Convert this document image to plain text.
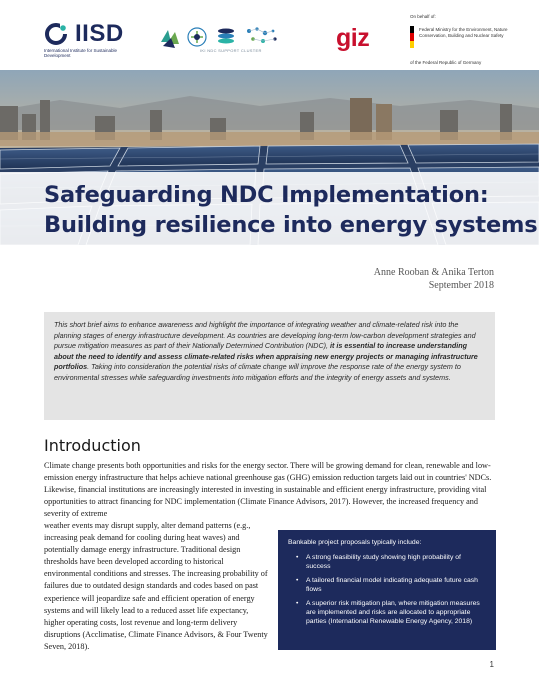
IISD
International Institute for Sustainable Development
IKI NDC SUPPORT CLUSTER	giz
On behalf of:
Federal Ministry for the Environment, Nature Conservation, Building and Nuclear Safety
of the Federal Republic of Germany
Safeguarding NDC Implementation:
Building resilience into energy systems
Anne Rooban & Anika Terton
September 2018
This short brief aims to enhance awareness and highlight the importance of integrating weather and climate-related risk into the planning stages of energy infrastructure development. As countries are developing long-term low-carbon development strategies and pursue mitigation measures as part of their Nationally Determined Contribution (NDC), it is essential to increase understanding about the need to identify and assess climate-related risks when appraising new energy projects or managing infrastructure portfolios. Taking into consideration the potential risks of climate change will improve the response rate of the energy system to environmental stresses while safeguarding investments into mitigation efforts and the integrity of energy assets and systems.
Introduction

Climate change presents both opportunities and risks for the energy sector. There will be growing demand for clean, renewable and low-emission energy infrastructure that helps achieve national greenhouse gas (GHG) emission reduction targets laid out in countries' NDCs. Likewise, financial institutions are increasingly interested in investing in sustainable and efficient energy infrastructure, providing vital opportunities to attract financing for NDC implementation (Climate Finance Advisors, 2017). However, the increased frequency and severity of extreme

weather events may disrupt supply, alter demand patterns (e.g., increasing peak demand for cooling during heat waves) and potentially damage energy infrastructure. Traditional design thresholds have been developed according to historical environmental conditions and stresses. The increasing probability of failures due to outdated design standards and codes based on past experience will jeopardize safe and efficient operation of energy systems and will likely lead to a reduced asset life expectancy, higher operating costs, lost revenue and long-term delivery disruptions (Acclimatise, Climate Finance Advisors, & Four Twenty Seven, 2018).

Bankable project proposals typically include:
• A strong feasibility study showing high probability of success
• A tailored financial model indicating adequate future cash flows
• A superior risk mitigation plan, where mitigation measures are implemented and risks are allocated to appropriate parties (International Renewable Energy Agency, 2018)
1
